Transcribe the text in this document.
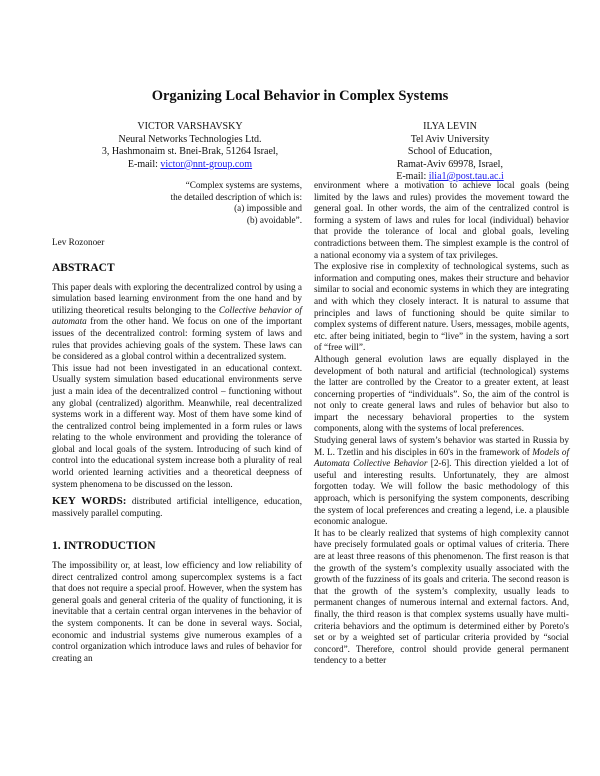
Organizing Local Behavior in Complex Systems
VICTOR VARSHAVSKY
Neural Networks Technologies Ltd.
3, Hashmonaim st. Bnei-Brak, 51264 Israel,
E-mail: victor@nnt-group.com
ILYA LEVIN
Tel Aviv University
School of Education,
Ramat-Aviv 69978, Israel,
E-mail: ilia1@post.tau.ac.i
“Complex systems are systems,
the detailed description of which is:
(a) impossible and
(b) avoidable”.

Lev Rozonoer

ABSTRACT

This paper deals with exploring the decentralized control by using a simulation based learning environment from the one hand and by utilizing theoretical results belonging to the Collective behavior of automata from the other hand. We focus on one of the important issues of the decentralized control: forming system of laws and rules that provides achieving goals of the system. These laws can be considered as a global control within a decentralized system.

This issue had not been investigated in an educational context. Usually system simulation based educational environments serve just a main idea of the decentralized control – functioning without any global (centralized) algorithm. Meanwhile, real decentralized systems work in a different way. Most of them have some kind of the centralized control being implemented in a form rules or laws relating to the whole environment and providing the tolerance of global and local goals of the system. Introducing of such kind of control into the educational system increase both a plurality of real world oriented learning activities and a theoretical deepness of system phenomena to be discussed on the lesson.

KEY WORDS: distributed artificial intelligence, education, massively parallel computing.

1. INTRODUCTION

The impossibility or, at least, low efficiency and low reliability of direct centralized control among supercomplex systems is a fact that does not require a special proof. However, when the system has general goals and general criteria of the quality of functioning, it is inevitable that a certain central organ intervenes in the behavior of the system components. It can be done in several ways. Social, economic and industrial systems give numerous examples of a control organization which introduce laws and rules of behavior for creating an

environment where a motivation to achieve local goals (being limited by the laws and rules) provides the movement toward the general goal. In other words, the aim of the centralized control is forming a system of laws and rules for local (individual) behavior that provide the tolerance of local and global goals, leveling contradictions between them. The simplest example is the control of a national economy via a system of tax privileges.

The explosive rise in complexity of technological systems, such as information and computing ones, makes their structure and behavior similar to social and economic systems in which they are integrating and with which they closely interact. It is natural to assume that principles and laws of functioning should be quite similar to complex systems of different nature. Users, messages, mobile agents, etc. after being initiated, begin to “live” in the system, having a sort of “free will”.

Although general evolution laws are equally displayed in the development of both natural and artificial (technological) systems the latter are controlled by the Creator to a greater extent, at least concerning properties of “individuals”. So, the aim of the control is not only to create general laws and rules of behavior but also to impart the necessary behavioral properties to the system components, along with the systems of local preferences.

Studying general laws of system’s behavior was started in Russia by M. L. Tzetlin and his disciples in 60's in the framework of Models of Automata Collective Behavior [2-6]. This direction yielded a lot of useful and interesting results. Unfortunately, they are almost forgotten today. We will follow the basic methodology of this approach, which is personifying the system components, describing the system of local preferences and creating a legend, i.e. a plausible economic analogue.

It has to be clearly realized that systems of high complexity cannot have precisely formulated goals or optimal values of criteria. There are at least three reasons of this phenomenon. The first reason is that the growth of the system’s complexity usually associated with the growth of the fuzziness of its goals and criteria. The second reason is that the growth of the system’s complexity, usually leads to permanent changes of numerous internal and external factors. And, finally, the third reason is that complex systems usually have multi-criteria behaviors and the optimum is determined either by Poreto's set or by a weighted set of particular criteria provided by “social concord”. Therefore, control should provide general permanent tendency to a better
